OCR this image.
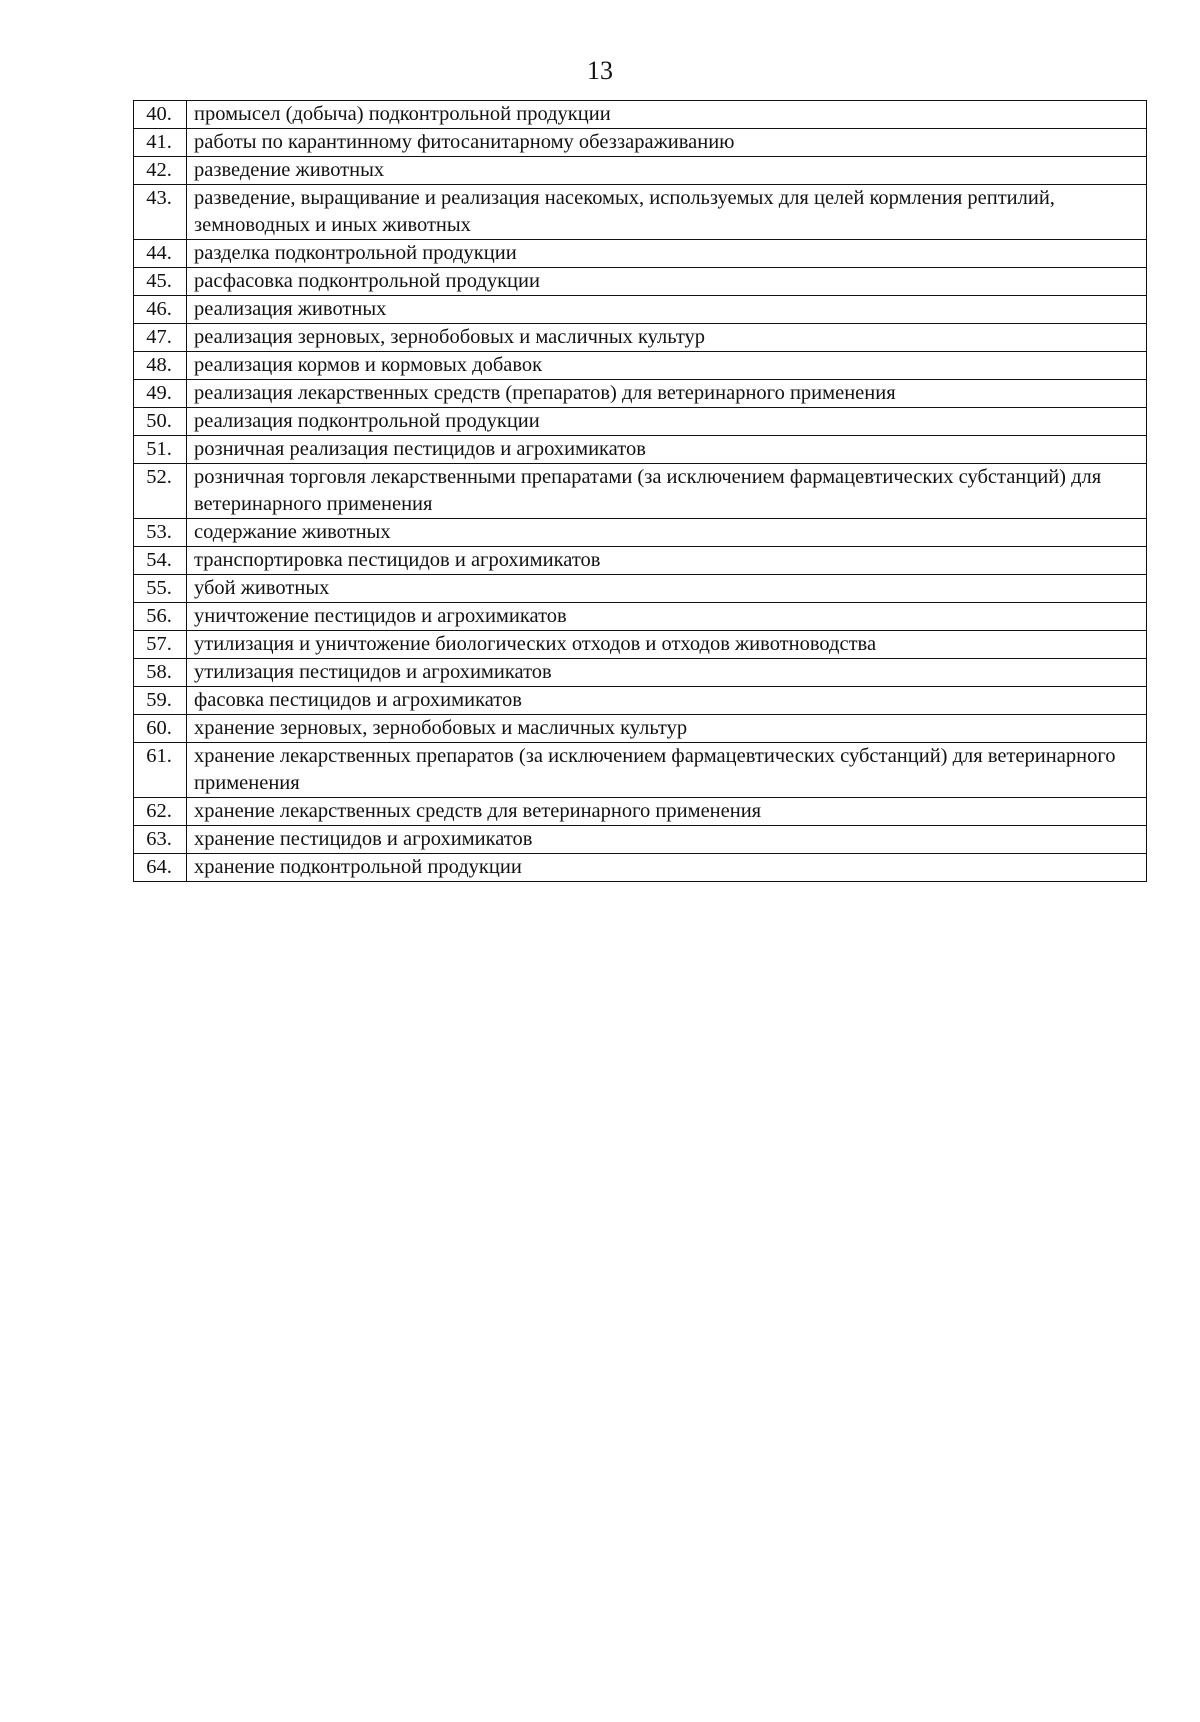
13
40.	промысел (добыча) подконтрольной продукции
41.	работы по карантинному фитосанитарному обеззараживанию
42.	разведение животных
43.	разведение, выращивание и реализация насекомых, используемых для целей кормления рептилий, земноводных и иных животных
44.	разделка подконтрольной продукции
45.	расфасовка подконтрольной продукции
46.	реализация животных
47.	реализация зерновых, зернобобовых и масличных культур
48.	реализация кормов и кормовых добавок
49.	реализация лекарственных средств (препаратов) для ветеринарного применения
50.	реализация подконтрольной продукции
51.	розничная реализация пестицидов и агрохимикатов
52.	розничная торговля лекарственными препаратами (за исключением фармацевтических субстанций) для ветеринарного применения
53.	содержание животных
54.	транспортировка пестицидов и агрохимикатов
55.	убой животных
56.	уничтожение пестицидов и агрохимикатов
57.	утилизация и уничтожение биологических отходов и отходов животноводства
58.	утилизация пестицидов и агрохимикатов
59.	фасовка пестицидов и агрохимикатов
60.	хранение зерновых, зернобобовых и масличных культур
61.	хранение лекарственных препаратов (за исключением фармацевтических субстанций) для ветеринарного применения
62.	хранение лекарственных средств для ветеринарного применения
63.	хранение пестицидов и агрохимикатов
64.	хранение подконтрольной продукции
